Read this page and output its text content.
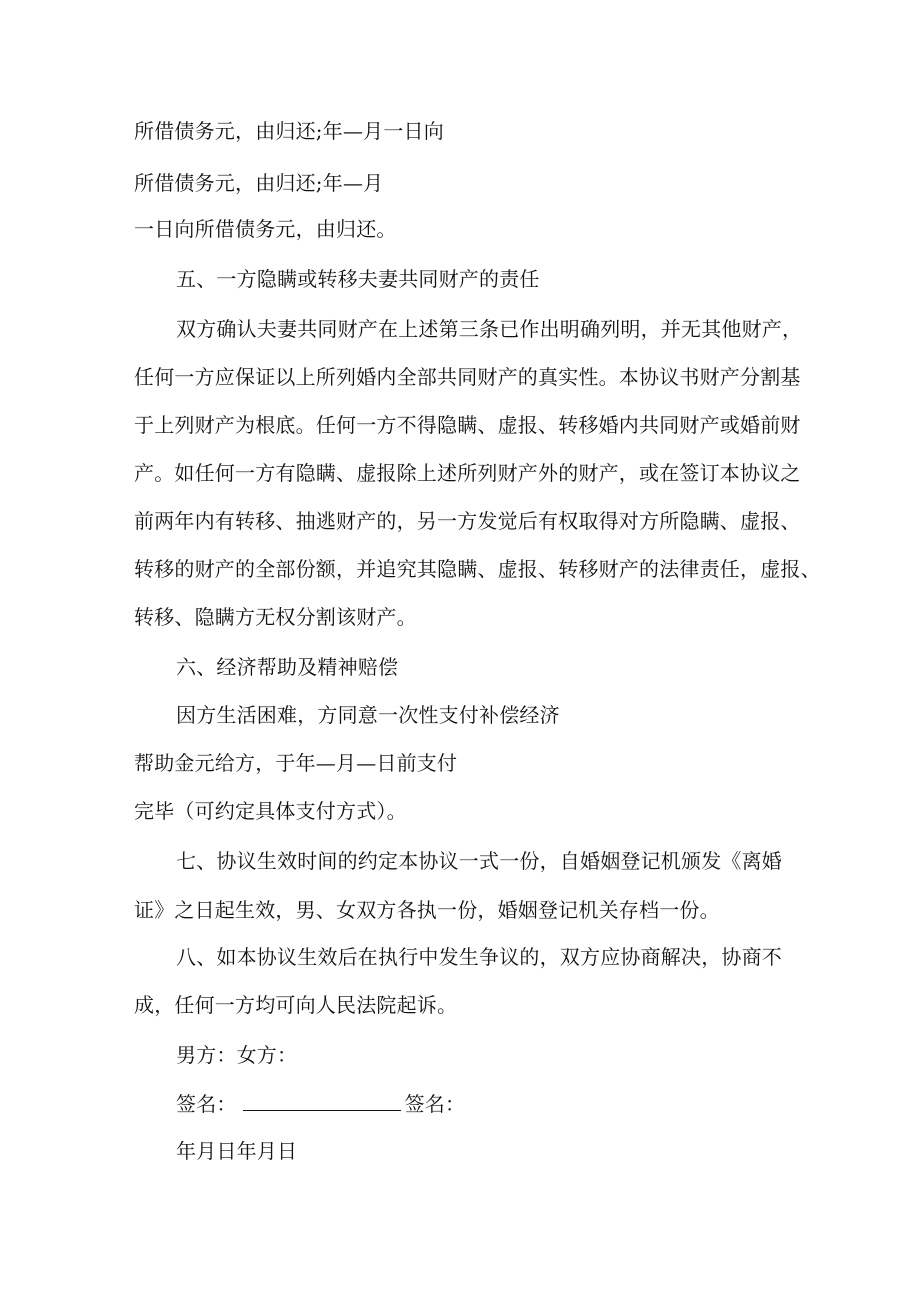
所借债务元，由归还;年—月一日向
所借债务元，由归还;年—月
一日向所借债务元，由归还。
五、一方隐瞒或转移夫妻共同财产的责任
双方确认夫妻共同财产在上述第三条已作出明确列明，并无其他财产，
任何一方应保证以上所列婚内全部共同财产的真实性。本协议书财产分割基
于上列财产为根底。任何一方不得隐瞒、虚报、转移婚内共同财产或婚前财
产。如任何一方有隐瞒、虚报除上述所列财产外的财产，或在签订本协议之
前两年内有转移、抽逃财产的，另一方发觉后有权取得对方所隐瞒、虚报、
转移的财产的全部份额，并追究其隐瞒、虚报、转移财产的法律责任，虚报、
转移、隐瞒方无权分割该财产。
六、经济帮助及精神赔偿
因方生活困难，方同意一次性支付补偿经济
帮助金元给方，于年—月—日前支付
完毕（可约定具体支付方式）。
七、协议生效时间的约定本协议一式一份，自婚姻登记机颁发《离婚
证》之日起生效，男、女双方各执一份，婚姻登记机关存档一份。
八、如本协议生效后在执行中发生争议的，双方应协商解决，协商不
成，任何一方均可向人民法院起诉。
男方：女方：
签名：	签名：
年月日年月日
